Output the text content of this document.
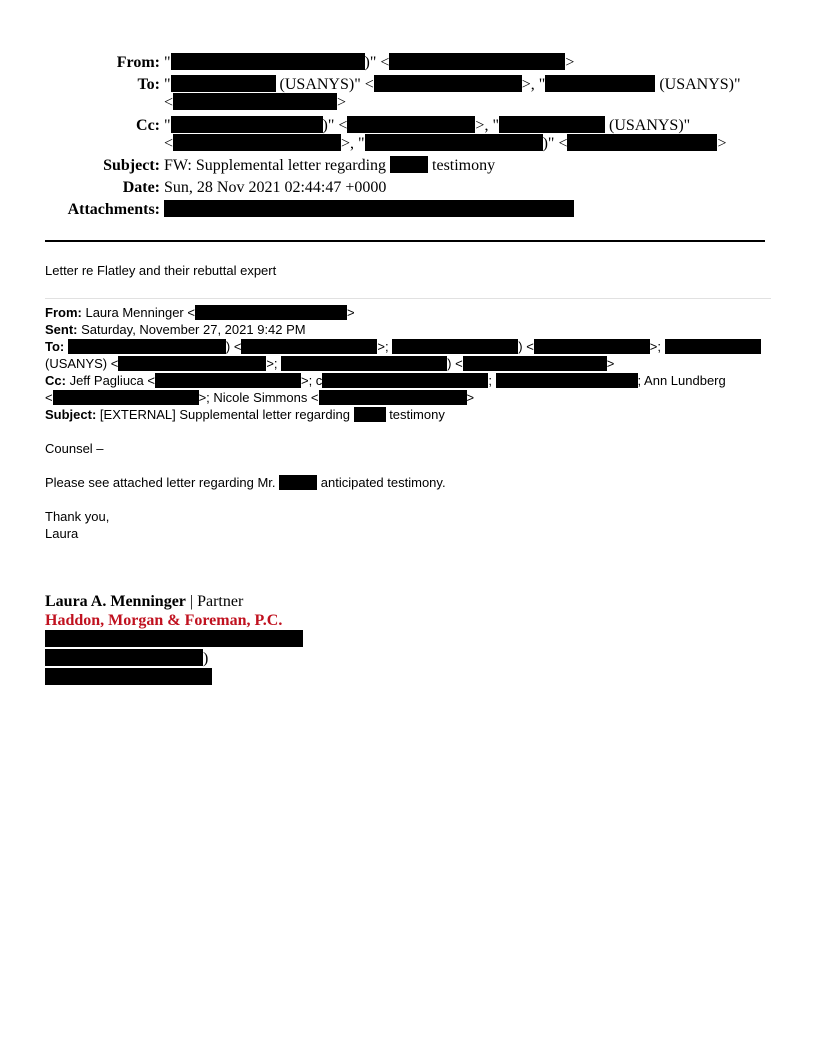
From: "	)" <	>
To: "	(USANYS)" <	>, "	(USANYS)"
<	>
Cc: "	)" <	>, "	(USANYS)"
<	>, "	)" <	>
Subject: FW: Supplemental letter regarding	testimony
Date: Sun, 28 Nov 2021 02:44:47 +0000
Attachments:
Letter re Flatley and their rebuttal expert
From: Laura Menninger <	>
Sent: Saturday, November 27, 2021 9:42 PM
To:	) <	>;	) <	>;
(USANYS) <	>;	) <	>
Cc: Jeff Pagliuca <	>; c	;	; Ann Lundberg
<	>; Nicole Simmons <	>
Subject: [EXTERNAL] Supplemental letter regarding	testimony
Counsel –
Please see attached letter regarding Mr.	anticipated testimony.
Thank you,
Laura
Laura A. Menninger | Partner
Haddon, Morgan & Foreman, P.C.
)
